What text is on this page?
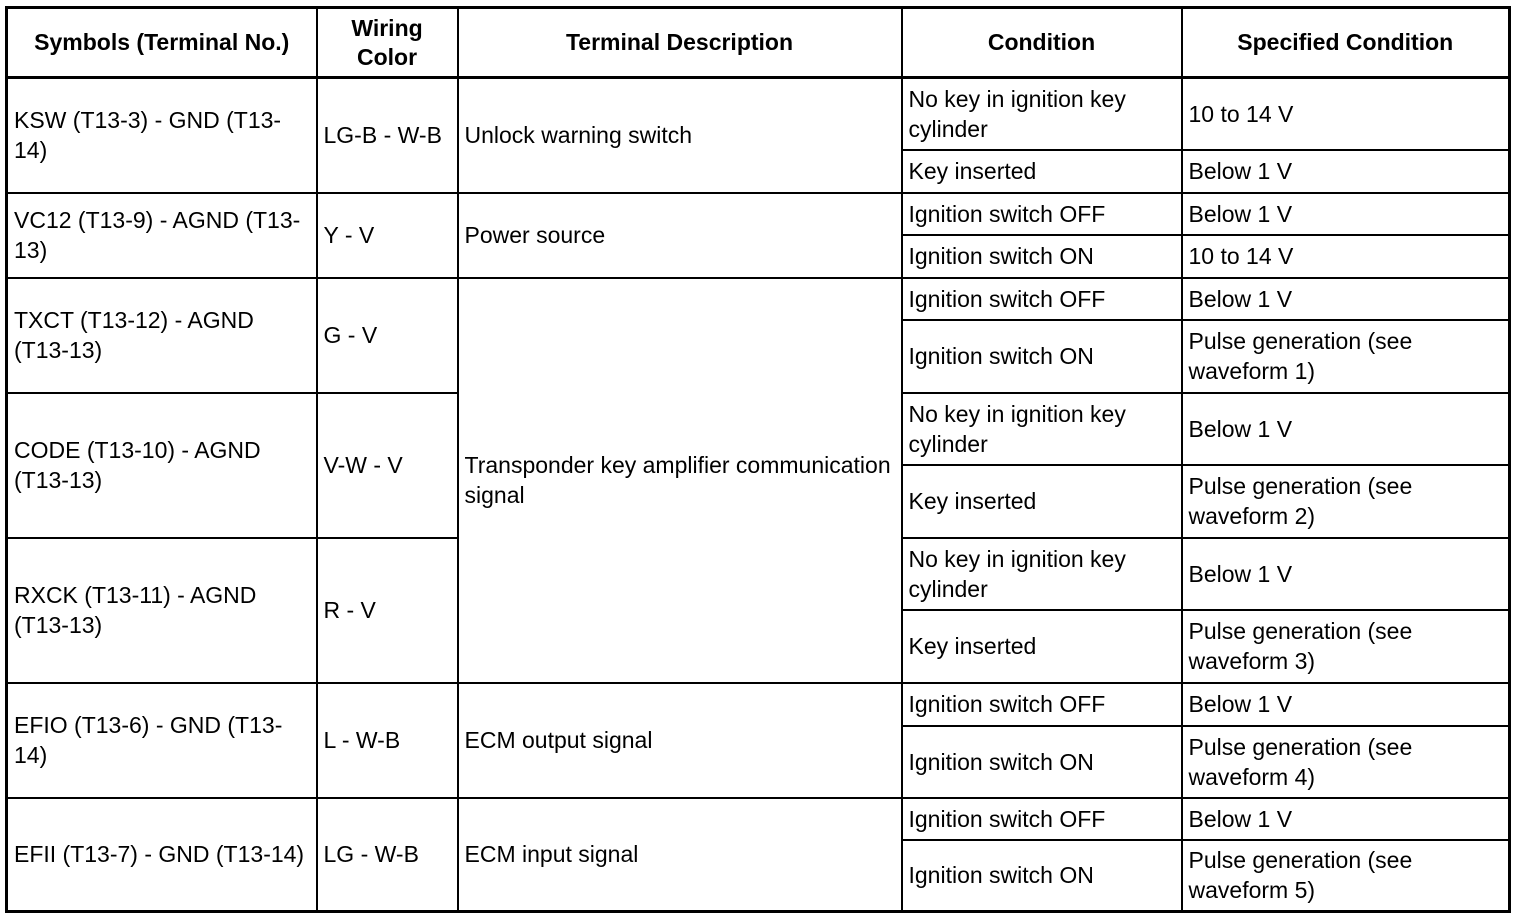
Symbols (Terminal No.)	Wiring Color	Terminal Description	Condition	Specified Condition
KSW (T13-3) - GND (T13-14)	LG-B - W-B	Unlock warning switch	No key in ignition key cylinder	10 to 14 V
			Key inserted	Below 1 V
VC12 (T13-9) - AGND (T13-13)	Y - V	Power source	Ignition switch OFF	Below 1 V
			Ignition switch ON	10 to 14 V
TXCT (T13-12) - AGND (T13-13)	G - V	Transponder key amplifier communication signal	Ignition switch OFF	Below 1 V
			Ignition switch ON	Pulse generation (see waveform 1)
CODE (T13-10) - AGND (T13-13)	V-W - V		No key in ignition key cylinder	Below 1 V
			Key inserted	Pulse generation (see waveform 2)
RXCK (T13-11) - AGND (T13-13)	R - V		No key in ignition key cylinder	Below 1 V
			Key inserted	Pulse generation (see waveform 3)
EFIO (T13-6) - GND (T13-14)	L - W-B	ECM output signal	Ignition switch OFF	Below 1 V
			Ignition switch ON	Pulse generation (see waveform 4)
EFII (T13-7) - GND (T13-14)	LG - W-B	ECM input signal	Ignition switch OFF	Below 1 V
			Ignition switch ON	Pulse generation (see waveform 5)
